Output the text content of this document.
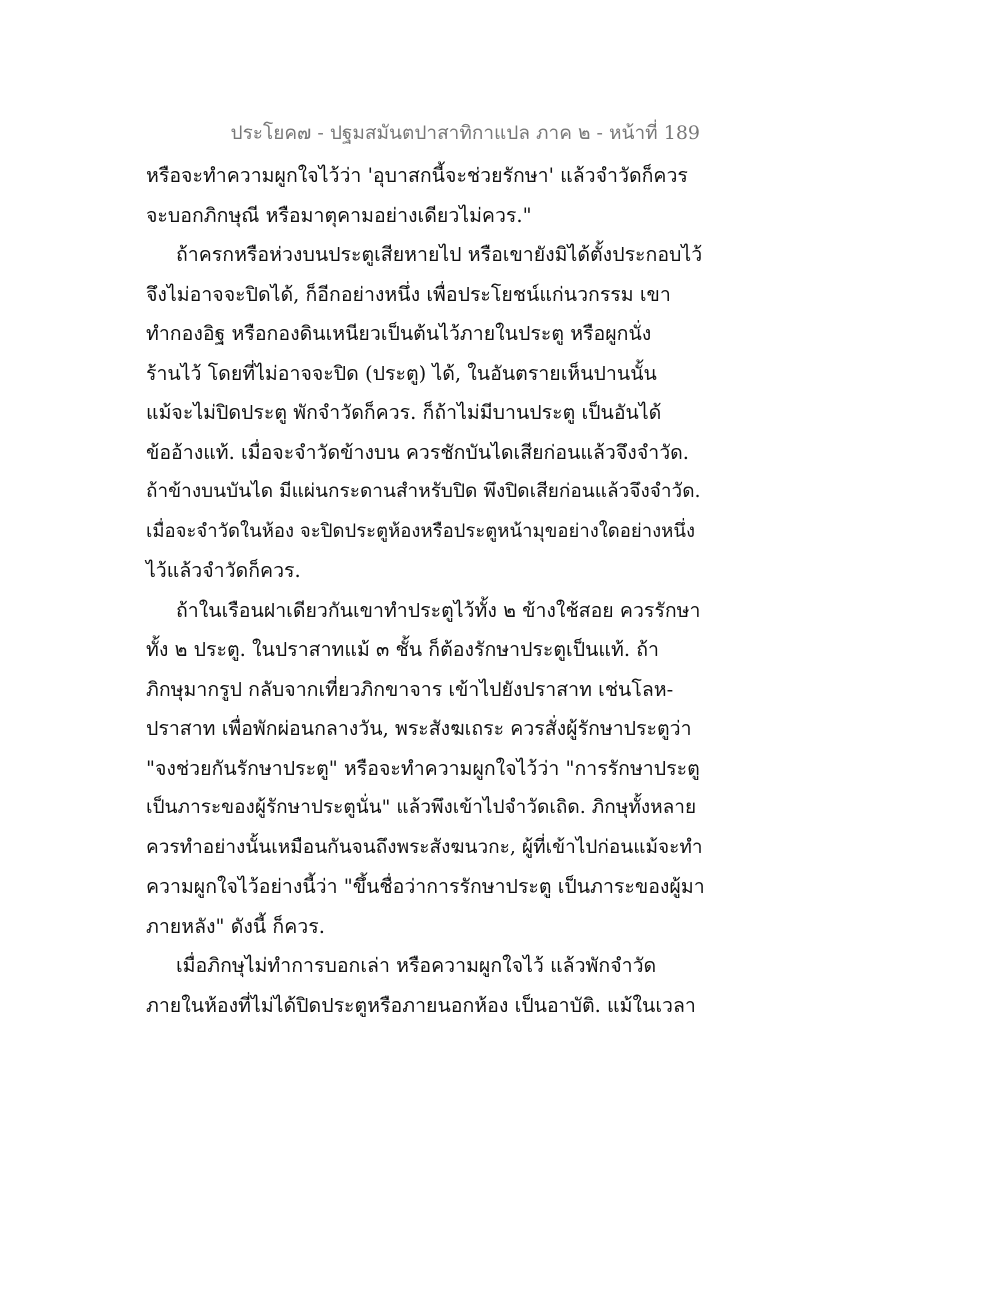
ประโยค๗ - ปฐมสมันตปาสาทิกาแปล ภาค ๒ - หน้าที่ 189
หรือจะทำความผูกใจไว้ว่า 'อุบาสกนี้จะช่วยรักษา' แล้วจำวัดก็ควร
จะบอกภิกษุณี หรือมาตุคามอย่างเดียวไม่ควร."
ถ้าครกหรือห่วงบนประตูเสียหายไป หรือเขายังมิได้ตั้งประกอบไว้
จึงไม่อาจจะปิดได้, ก็อีกอย่างหนึ่ง เพื่อประโยชน์แก่นวกรรม เขา
ทำกองอิฐ หรือกองดินเหนียวเป็นต้นไว้ภายในประตู หรือผูกนั่ง
ร้านไว้ โดยที่ไม่อาจจะปิด (ประตู) ได้, ในอันตรายเห็นปานนั้น
แม้จะไม่ปิดประตู พักจำวัดก็ควร. ก็ถ้าไม่มีบานประตู เป็นอันได้
ข้ออ้างแท้. เมื่อจะจำวัดข้างบน ควรชักบันไดเสียก่อนแล้วจึงจำวัด.
ถ้าข้างบนบันได มีแผ่นกระดานสำหรับปิด พึงปิดเสียก่อนแล้วจึงจำวัด.
เมื่อจะจำวัดในห้อง จะปิดประตูห้องหรือประตูหน้ามุขอย่างใดอย่างหนึ่ง
ไว้แล้วจำวัดก็ควร.
ถ้าในเรือนฝาเดียวกันเขาทำประตูไว้ทั้ง ๒ ข้างใช้สอย ควรรักษา
ทั้ง ๒ ประตู. ในปราสาทแม้ ๓ ชั้น ก็ต้องรักษาประตูเป็นแท้. ถ้า
ภิกษุมากรูป กลับจากเที่ยวภิกขาจาร เข้าไปยังปราสาท เช่นโลห-
ปราสาท เพื่อพักผ่อนกลางวัน, พระสังฆเถระ ควรสั่งผู้รักษาประตูว่า
"จงช่วยกันรักษาประตู" หรือจะทำความผูกใจไว้ว่า "การรักษาประตู
เป็นภาระของผู้รักษาประตูนั่น" แล้วพึงเข้าไปจำวัดเถิด. ภิกษุทั้งหลาย
ควรทำอย่างนั้นเหมือนกันจนถึงพระสังฆนวกะ, ผู้ที่เข้าไปก่อนแม้จะทำ
ความผูกใจไว้อย่างนี้ว่า "ขึ้นชื่อว่าการรักษาประตู เป็นภาระของผู้มา
ภายหลัง" ดังนี้ ก็ควร.
เมื่อภิกษุไม่ทำการบอกเล่า หรือความผูกใจไว้ แล้วพักจำวัด
ภายในห้องที่ไม่ได้ปิดประตูหรือภายนอกห้อง เป็นอาบัติ. แม้ในเวลา
